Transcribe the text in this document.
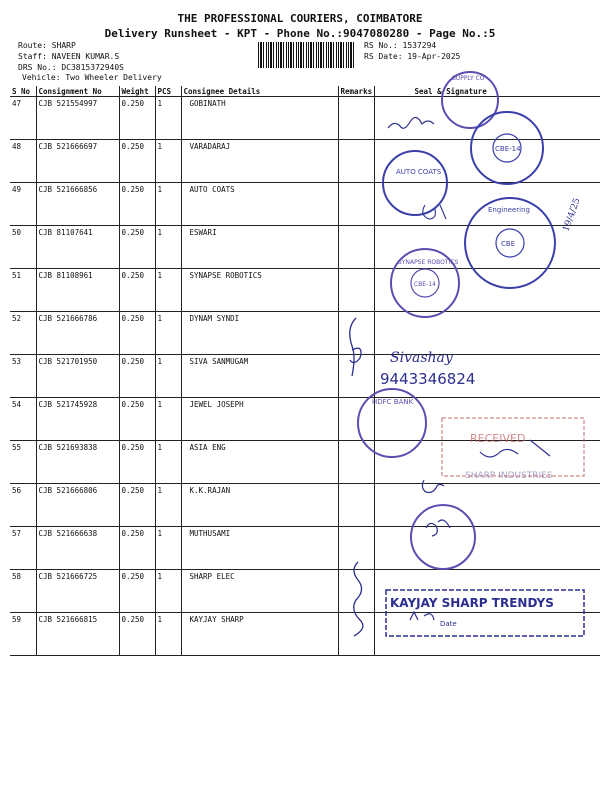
THE PROFESSIONAL COURIERS, COIMBATORE
Delivery Runsheet - KPT - Phone No.:9047080280 - Page No.:5
Route: SHARP
Staff: NAVEEN KUMAR.S
DRS No.: DC3815372940S
Vehicle: Two Wheeler Delivery
RS No.: 1537294
RS Date: 19-Apr-2025
S No	Consignment No	Weight	PCS	Consignee Details	Remarks	Seal & Signature
47	CJB 521554997	0.250	1	GOBINATH		
48	CJB 521666697	0.250	1	VARADARAJ		
49	CJB 521666856	0.250	1	AUTO COATS		
50	CJB 81107641	0.250	1	ESWARI		
51	CJB 81108961	0.250	1	SYNAPSE ROBOTICS		
52	CJB 521666786	0.250	1	DYNAM SYNDI		
53	CJB 521701950	0.250	1	SIVA SANMUGAM		
54	CJB 521745928	0.250	1	JEWEL JOSEPH		
55	CJB 521693838	0.250	1	ASIA ENG		
56	CJB 521666806	0.250	1	K.K.RAJAN		
57	CJB 521666638	0.250	1	MUTHUSAMI		
58	CJB 521666725	0.250	1	SHARP ELEC		
59	CJB 521666815	0.250	1	KAYJAY SHARP		
SUPPLY CO
CBE-14
AUTO COATS
Engineering
CBE
19/4/25
SYNAPSE ROBOTICS
CBE-14
Sivashay
9443346824
HDFC BANK
RECEIVED
SHARP INDUSTRIES
KAYJAY SHARP TRENDYS
Date
